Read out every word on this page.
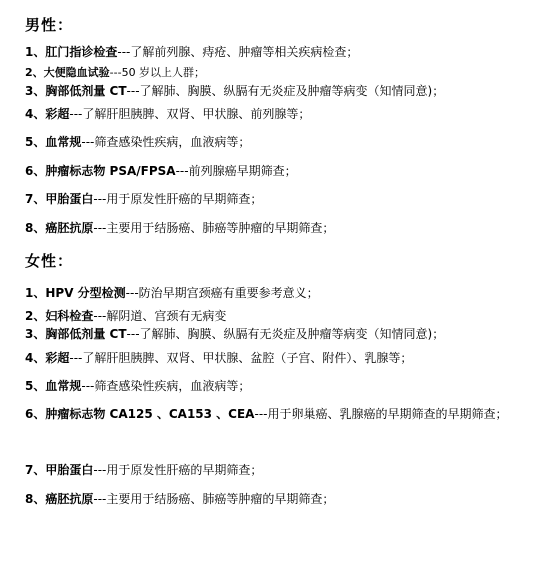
男性：
1、肛门指诊检查---了解前列腺、痔疮、肿瘤等相关疾病检查；
2、大便隐血试验---50 岁以上人群；
3、胸部低剂量 CT---了解肺、胸膜、纵膈有无炎症及肿瘤等病变（知情同意)；
4、彩超---了解肝胆胰脾、双肾、甲状腺、前列腺等；
5、血常规---筛查感染性疾病，血液病等；
6、肿瘤标志物 PSA/FPSA---前列腺癌早期筛查；
7、甲胎蛋白---用于原发性肝癌的早期筛查；
8、癌胚抗原---主要用于结肠癌、肺癌等肿瘤的早期筛查；
女性：
1、HPV 分型检测---防治早期宫颈癌有重要参考意义；
2、妇科检查---解阴道、宫颈有无病变
3、胸部低剂量 CT---了解肺、胸膜、纵膈有无炎症及肿瘤等病变（知情同意)；
4、彩超---了解肝胆胰脾、双肾、甲状腺、盆腔（子宫、附件）、乳腺等；
5、血常规---筛查感染性疾病，血液病等；
6、肿瘤标志物 CA125 、CA153 、CEA---用于卵巢癌、乳腺癌的早期筛查的早期筛查；
7、甲胎蛋白---用于原发性肝癌的早期筛查；
8、癌胚抗原---主要用于结肠癌、肺癌等肿瘤的早期筛查；
